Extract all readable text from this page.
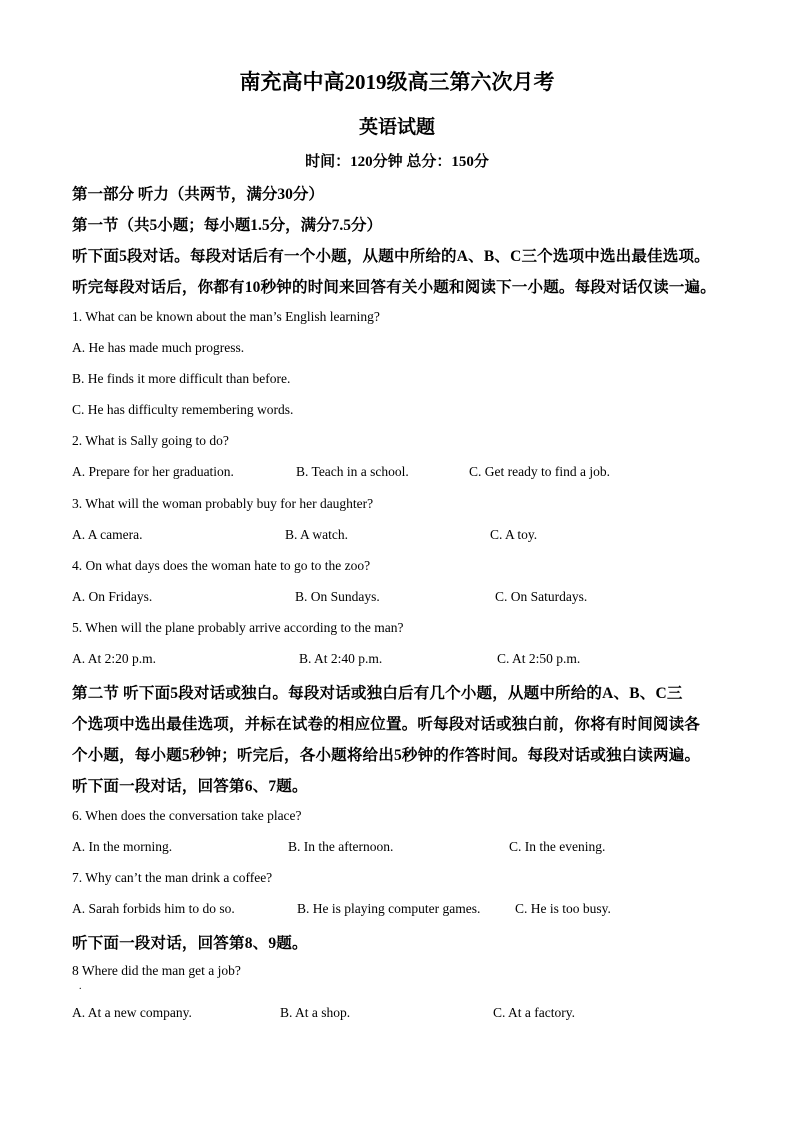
南充高中高2019级高三第六次月考
英语试题
时间：120分钟 总分：150分
第一部分 听力（共两节，满分30分）
第一节（共5小题；每小题1.5分，满分7.5分）
听下面5段对话。每段对话后有一个小题，从题中所给的A、B、C三个选项中选出最佳选项。
听完每段对话后，你都有10秒钟的时间来回答有关小题和阅读下一小题。每段对话仅读一遍。
1. What can be known about the man’s English learning?
A. He has made much progress.
B. He finds it more difficult than before.
C. He has difficulty remembering words.
2. What is Sally going to do?
A. Prepare for her graduation.	B. Teach in a school.	C. Get ready to find a job.
3. What will the woman probably buy for her daughter?
A. A camera.	B. A watch.	C. A toy.
4. On what days does the woman hate to go to the zoo?
A. On Fridays.	B. On Sundays.	C. On Saturdays.
5. When will the plane probably arrive according to the man?
A. At 2:20 p.m.	B. At 2:40 p.m.	C. At 2:50 p.m.
第二节 听下面5段对话或独白。每段对话或独白后有几个小题，从题中所给的A、B、C三
个选项中选出最佳选项，并标在试卷的相应位置。听每段对话或独白前，你将有时间阅读各
个小题，每小题5秒钟；听完后，各小题将给出5秒钟的作答时间。每段对话或独白读两遍。
听下面一段对话，回答第6、7题。
6. When does the conversation take place?
A. In the morning.	B. In the afternoon.	C. In the evening.
7. Why can’t the man drink a coffee?
A. Sarah forbids him to do so.	B. He is playing computer games.	C. He is too busy.
听下面一段对话，回答第8、9题。
8 Where did the man get a job?
.
A. At a new company.	B. At a shop.	C. At a factory.
